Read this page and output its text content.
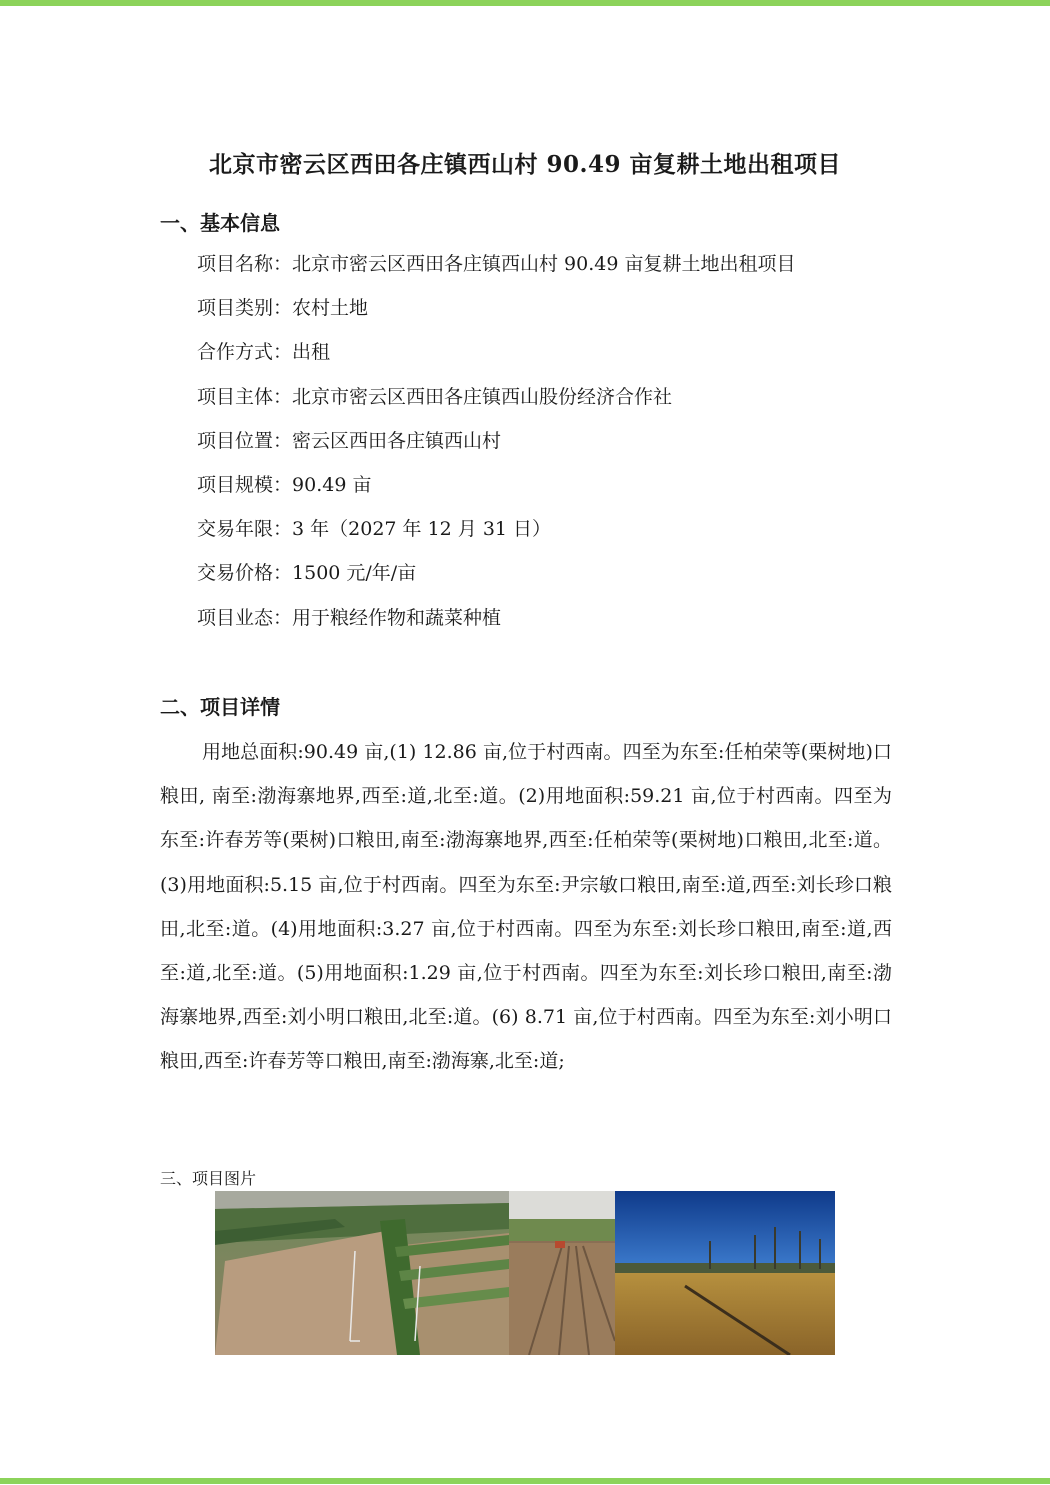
北京市密云区西田各庄镇西山村 90.49 亩复耕土地出租项目
一、基本信息
项目名称：北京市密云区西田各庄镇西山村 90.49 亩复耕土地出租项目
项目类别：农村土地
合作方式：出租
项目主体：北京市密云区西田各庄镇西山股份经济合作社
项目位置：密云区西田各庄镇西山村
项目规模：90.49 亩
交易年限：3 年（2027 年 12 月 31 日）
交易价格：1500 元/年/亩
项目业态：用于粮经作物和蔬菜种植
二、项目详情
用地总面积:90.49 亩,(1) 12.86 亩,位于村西南。四至为东至:任柏荣等(栗树地)口粮田, 南至:渤海寨地界,西至:道,北至:道。(2)用地面积:59.21 亩,位于村西南。四至为东至:许春芳等(栗树)口粮田,南至:渤海寨地界,西至:任柏荣等(栗树地)口粮田,北至:道。(3)用地面积:5.15 亩,位于村西南。四至为东至:尹宗敏口粮田,南至:道,西至:刘长珍口粮田,北至:道。(4)用地面积:3.27 亩,位于村西南。四至为东至:刘长珍口粮田,南至:道,西至:道,北至:道。(5)用地面积:1.29 亩,位于村西南。四至为东至:刘长珍口粮田,南至:渤海寨地界,西至:刘小明口粮田,北至:道。(6) 8.71 亩,位于村西南。四至为东至:刘小明口粮田,西至:许春芳等口粮田,南至:渤海寨,北至:道;
三、项目图片
